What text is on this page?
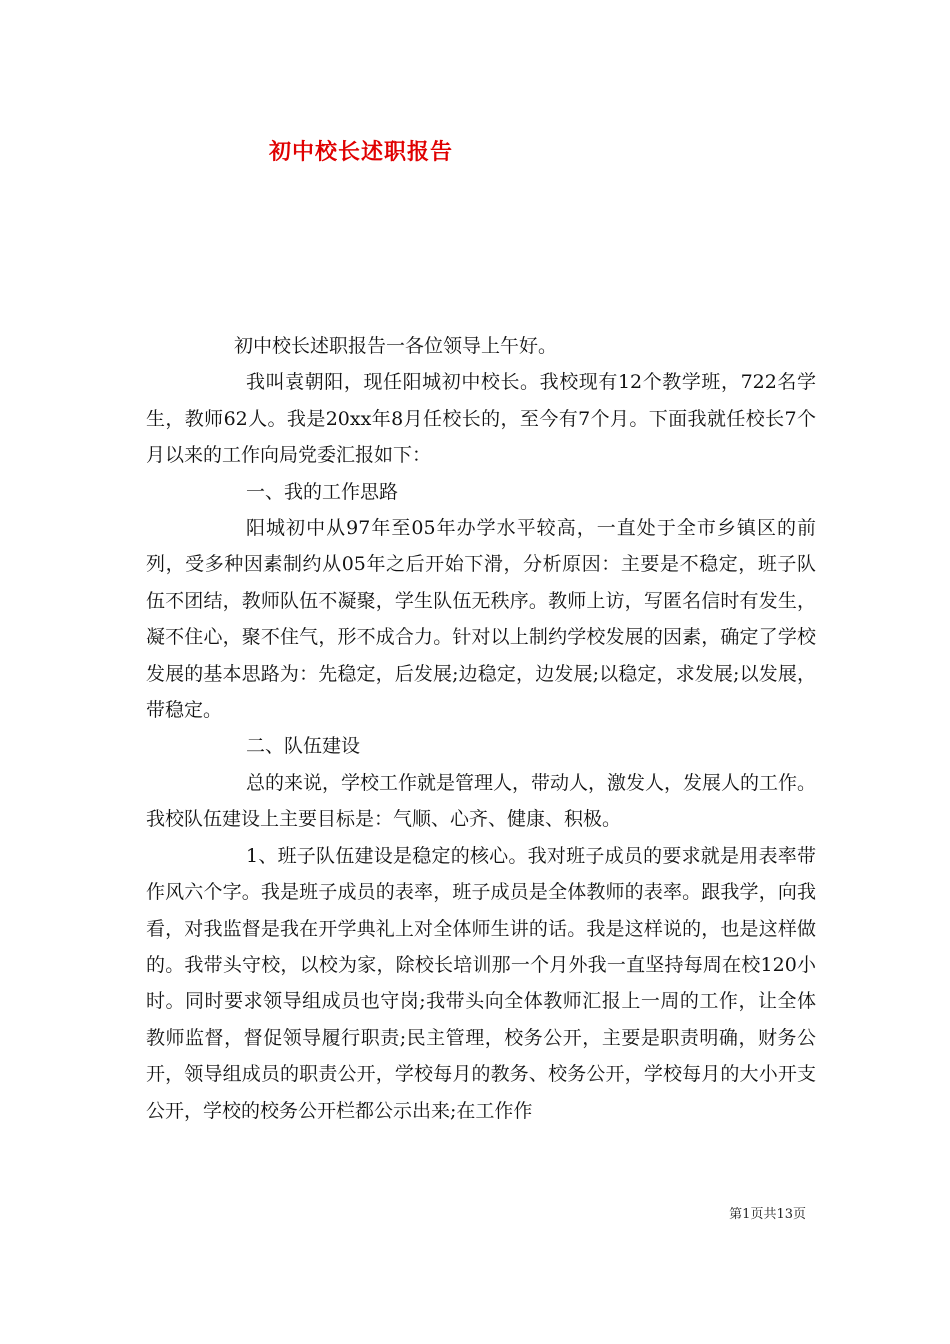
初中校长述职报告

初中校长述职报告一各位领导上午好。

我叫袁朝阳，现任阳城初中校长。我校现有12个教学班，722名学生，教师62人。我是20xx年8月任校长的，至今有7个月。下面我就任校长7个月以来的工作向局党委汇报如下：

一、我的工作思路

阳城初中从97年至05年办学水平较高，一直处于全市乡镇区的前列，受多种因素制约从05年之后开始下滑，分析原因：主要是不稳定，班子队伍不团结，教师队伍不凝聚，学生队伍无秩序。教师上访，写匿名信时有发生，凝不住心，聚不住气，形不成合力。针对以上制约学校发展的因素，确定了学校发展的基本思路为：先稳定，后发展;边稳定，边发展;以稳定，求发展;以发展，带稳定。

二、队伍建设

总的来说，学校工作就是管理人，带动人，激发人，发展人的工作。我校队伍建设上主要目标是：气顺、心齐、健康、积极。

1、班子队伍建设是稳定的核心。我对班子成员的要求就是用表率带作风六个字。我是班子成员的表率，班子成员是全体教师的表率。跟我学，向我看，对我监督是我在开学典礼上对全体师生讲的话。我是这样说的，也是这样做的。我带头守校，以校为家，除校长培训那一个月外我一直坚持每周在校120小时。同时要求领导组成员也守岗;我带头向全体教师汇报上一周的工作，让全体教师监督，督促领导履行职责;民主管理，校务公开，主要是职责明确，财务公开，领导组成员的职责公开，学校每月的教务、校务公开，学校每月的大小开支公开，学校的校务公开栏都公示出来;在工作作

第1页共13页
